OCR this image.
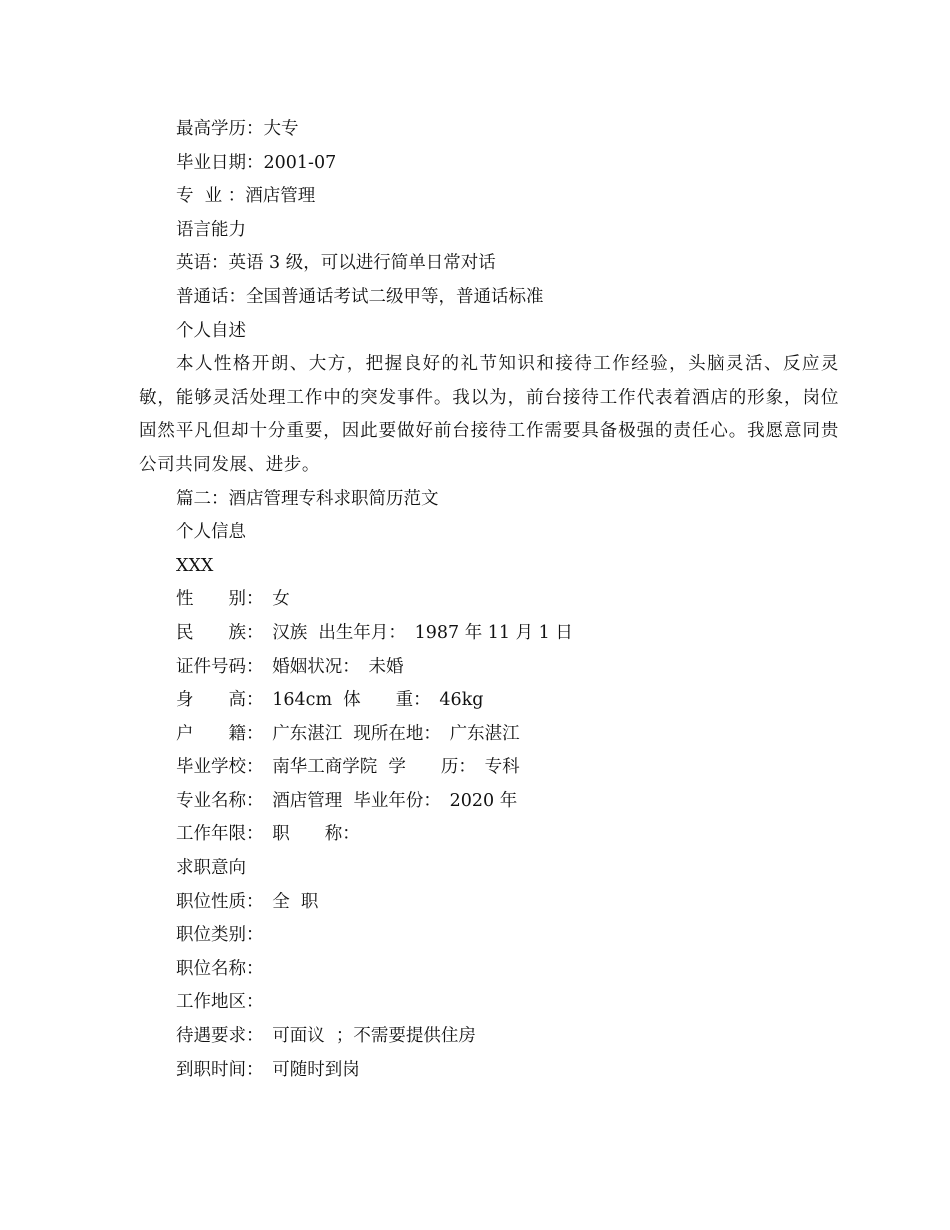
最高学历：大专
毕业日期：2001-07
专  业 ：酒店管理
语言能力
英语：英语 3 级，可以进行简单日常对话
普通话：全国普通话考试二级甲等，普通话标准
个人自述

本人性格开朗、大方，把握良好的礼节知识和接待工作经验，头脑灵活、反应灵敏，能够灵活处理工作中的突发事件。我以为，前台接待工作代表着酒店的形象，岗位固然平凡但却十分重要，因此要做好前台接待工作需要具备极强的责任心。我愿意同贵公司共同发展、进步。

篇二：酒店管理专科求职简历范文
个人信息
XXX
性　　别：　女
民　　族：　汉族  出生年月：　1987 年 11 月 1 日
证件号码：　婚姻状况：　未婚
身　　高：　164cm  体　　重：　46kg
户　　籍：　广东湛江  现所在地：　广东湛江
毕业学校：　南华工商学院  学　　历：　专科
专业名称：　酒店管理  毕业年份：　2020 年
工作年限：　职　　称：
求职意向
职位性质：　全  职
职位类别：
职位名称：
工作地区：
待遇要求：　可面议  ；不需要提供住房
到职时间：　可随时到岗
